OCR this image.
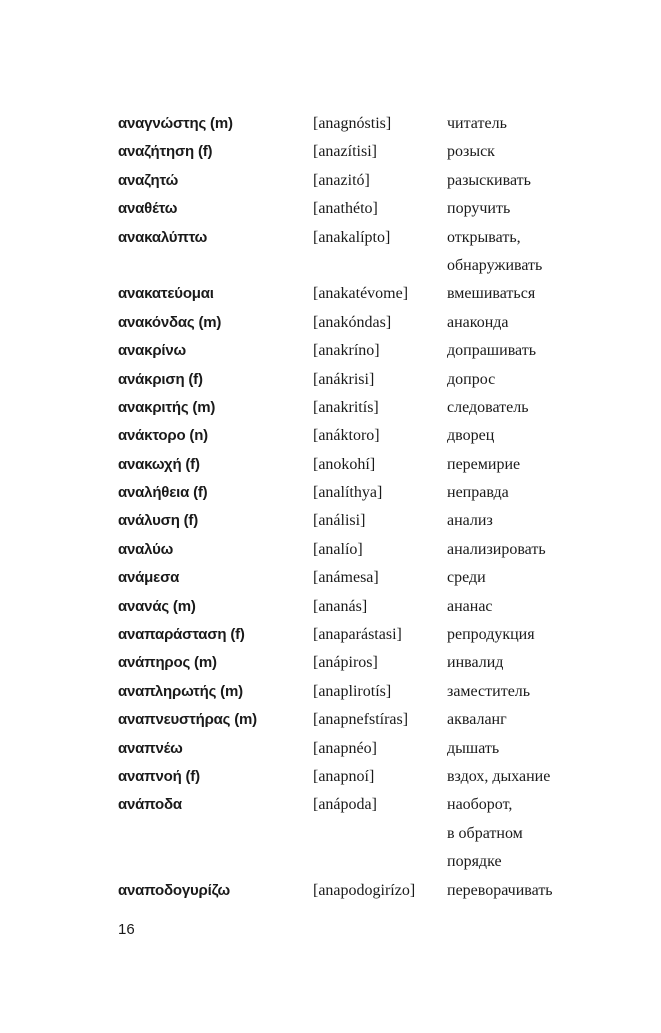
αναγνώστης (m)	[anagnóstis]	читатель
αναζήτηση (f)	[anazítisi]	розыск
αναζητώ	[anazitó]	разыскивать
αναθέτω	[anathéto]	поручить
ανακαλύπτω	[anakalípto]	открывать,
обнаруживать
ανακατεύομαι	[anakatévome] вмешиваться
ανακόνδας (m)	[anakóndas]	анаконда
ανακρίνω	[anakríno]	допрашивать
ανάκριση (f)	[anákrisi]	допрос
ανακριτής (m)	[anakritís]	следователь
ανάκτορο (n)	[anáktoro]	дворец
ανακωχή (f)	[anokohí]	перемирие
αναλήθεια (f)	[analíthya]	неправда
ανάλυση (f)	[análisi]	анализ
αναλύω	[analío]	анализировать
ανάμεσα	[anámesa]	среди
ανανάς (m)	[ananás]	ананас
αναπαράσταση (f)	[anaparástasi]	репродукция
ανάπηρος (m)	[anápiros]	инвалид
αναπληρωτής (m)	[anaplirotís]	заместитель
αναπνευστήρας (m)	[anapnefstíras] акваланг
αναπνέω	[anapnéo]	дышать
αναπνοή (f)	[anapnoí]	вздох, дыхание
ανάποδα	[anápoda]	наоборот,
в обратном
порядке
αναποδογυρίζω	[anapodogirízo] переворачивать
16
